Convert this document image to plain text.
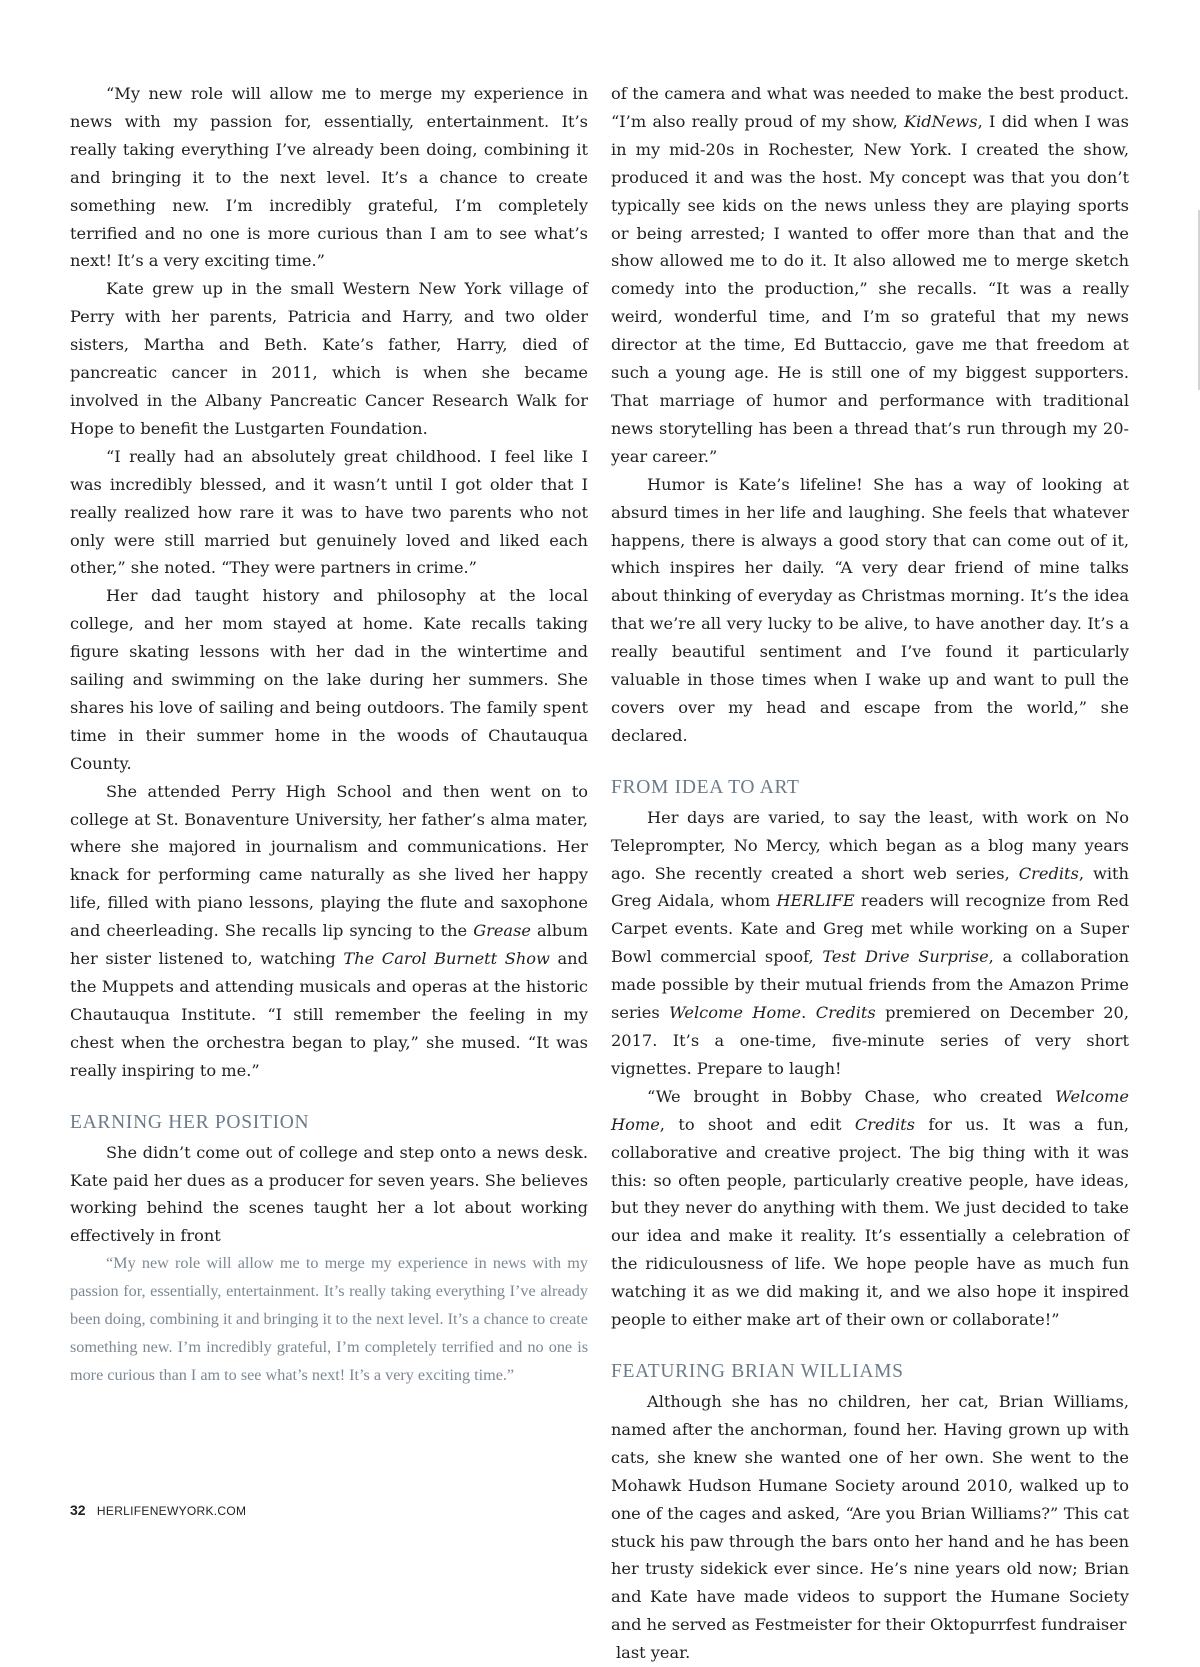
“My new role will allow me to merge my experience in news with my passion for, essentially, entertainment. It’s really taking everything I’ve already been doing, combining it and bringing it to the next level. It’s a chance to create something new. I’m incredibly grateful, I’m completely terrified and no one is more curious than I am to see what’s next! It’s a very exciting time.”

Kate grew up in the small Western New York village of Perry with her parents, Patricia and Harry, and two older sisters, Martha and Beth. Kate’s father, Harry, died of pancreatic cancer in 2011, which is when she became involved in the Albany Pancreatic Cancer Research Walk for Hope to benefit the Lustgarten Foundation.

“I really had an absolutely great childhood. I feel like I was incredibly blessed, and it wasn’t until I got older that I really realized how rare it was to have two parents who not only were still married but genuinely loved and liked each other,” she noted. “They were partners in crime.”

Her dad taught history and philosophy at the local college, and her mom stayed at home. Kate recalls taking figure skating lessons with her dad in the wintertime and sailing and swimming on the lake during her summers. She shares his love of sailing and being outdoors. The family spent time in their summer home in the woods of Chautauqua County.

She attended Perry High School and then went on to college at St. Bonaventure University, her father’s alma mater, where she majored in journalism and communications. Her knack for performing came naturally as she lived her happy life, filled with piano lessons, playing the flute and saxophone and cheerleading. She recalls lip syncing to the Grease album her sister listened to, watching The Carol Burnett Show and the Muppets and attending musicals and operas at the historic Chautauqua Institute. “I still remember the feeling in my chest when the orchestra began to play,” she mused. “It was really inspiring to me.”

EARNING HER POSITION

She didn’t come out of college and step onto a news desk. Kate paid her dues as a producer for seven years. She believes working behind the scenes taught her a lot about working effectively in front

“My new role will allow me to merge my experience in news with my passion for, essentially, entertainment. It’s really taking everything I’ve already been doing, combining it and bringing it to the next level. It’s a chance to create something new. I’m incredibly grateful, I’m completely terrified and no one is more curious than I am to see what’s next! It’s a very exciting time.”

of the camera and what was needed to make the best product. “I’m also really proud of my show, KidNews, I did when I was in my mid-20s in Rochester, New York. I created the show, produced it and was the host. My concept was that you don’t typically see kids on the news unless they are playing sports or being arrested; I wanted to offer more than that and the show allowed me to do it. It also allowed me to merge sketch comedy into the production,” she recalls. “It was a really weird, wonderful time, and I’m so grateful that my news director at the time, Ed Buttaccio, gave me that freedom at such a young age. He is still one of my biggest supporters. That marriage of humor and performance with traditional news storytelling has been a thread that’s run through my 20-year career.”

Humor is Kate’s lifeline! She has a way of looking at absurd times in her life and laughing. She feels that whatever happens, there is always a good story that can come out of it, which inspires her daily. “A very dear friend of mine talks about thinking of everyday as Christmas morning. It’s the idea that we’re all very lucky to be alive, to have another day. It’s a really beautiful sentiment and I’ve found it particularly valuable in those times when I wake up and want to pull the covers over my head and escape from the world,” she declared.

FROM IDEA TO ART

Her days are varied, to say the least, with work on No Teleprompter, No Mercy, which began as a blog many years ago. She recently created a short web series, Credits, with Greg Aidala, whom HERLIFE readers will recognize from Red Carpet events. Kate and Greg met while working on a Super Bowl commercial spoof, Test Drive Surprise, a collaboration made possible by their mutual friends from the Amazon Prime series Welcome Home. Credits premiered on December 20, 2017. It’s a one-time, five-minute series of very short vignettes. Prepare to laugh!

“We brought in Bobby Chase, who created Welcome Home, to shoot and edit Credits for us. It was a fun, collaborative and creative project. The big thing with it was this: so often people, particularly creative people, have ideas, but they never do anything with them. We just decided to take our idea and make it reality. It’s essentially a celebration of the ridiculousness of life. We hope people have as much fun watching it as we did making it, and we also hope it inspired people to either make art of their own or collaborate!”

FEATURING BRIAN WILLIAMS

Although she has no children, her cat, Brian Williams, named after the anchorman, found her. Having grown up with cats, she knew she wanted one of her own. She went to the Mohawk Hudson Humane Society around 2010, walked up to one of the cages and asked, “Are you Brian Williams?” This cat stuck his paw through the bars onto her hand and he has been her trusty sidekick ever since. He’s nine years old now; Brian and Kate have made videos to support the Humane Society and he served as Festmeister for their Oktopurrfest fundraiser

last year.

32 HERLIFENEWYORK.COM
